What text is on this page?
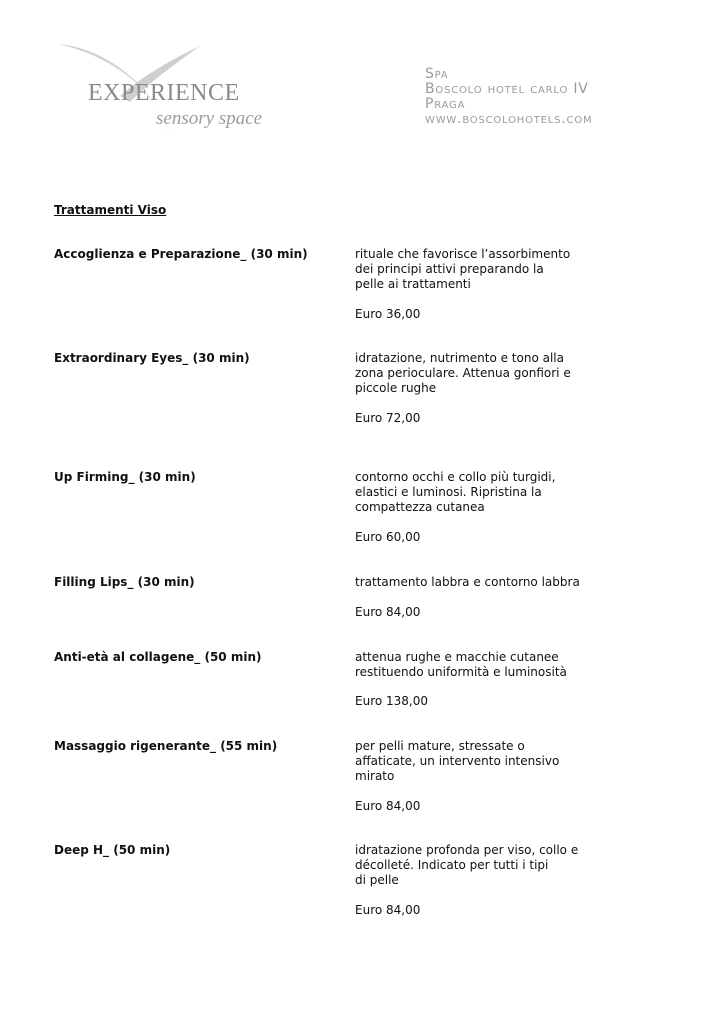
EXPERIENCE
sensory space
Spa
Boscolo hotel carlo IV
Praga
www.boscolohotels.com
Trattamenti Viso
Accoglienza e Preparazione_ (30 min)	rituale che favorisce l’assorbimento
dei principi attivi preparando la
pelle ai trattamenti
Euro 36,00
Extraordinary Eyes_ (30 min)	idratazione, nutrimento e tono alla
zona perioculare. Attenua gonfiori e
piccole rughe
Euro 72,00
Up Firming_ (30 min)	contorno occhi e collo più turgidi,
elastici e luminosi. Ripristina la
compattezza cutanea
Euro 60,00
Filling Lips_ (30 min)	trattamento labbra e contorno labbra
Euro 84,00
Anti-età al collagene_ (50 min)	attenua rughe e macchie cutanee
restituendo uniformità e luminosità
Euro 138,00
Massaggio rigenerante_ (55 min)	per pelli mature, stressate o
affaticate, un intervento intensivo
mirato
Euro 84,00
Deep H_ (50 min)	idratazione profonda per viso, collo e
décolleté. Indicato per tutti i tipi
di pelle
Euro 84,00
